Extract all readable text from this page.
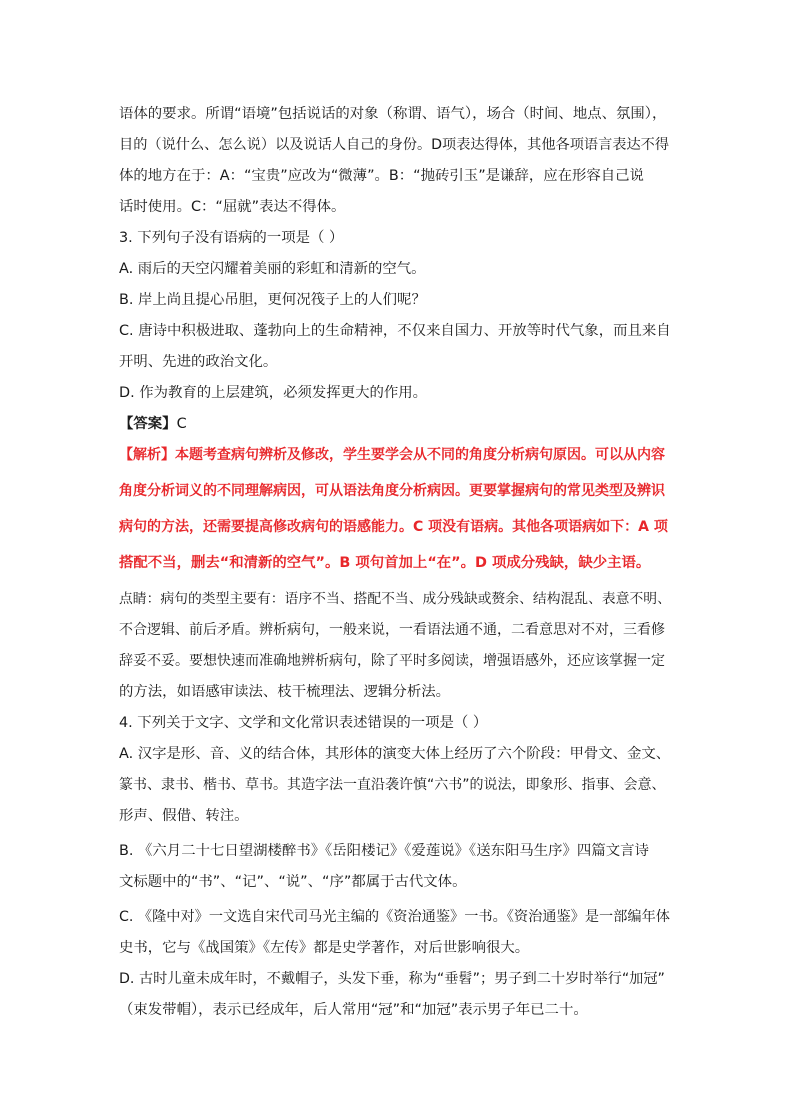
语体的要求。所谓“语境”包括说话的对象（称谓、语气），场合（时间、地点、氛围），

目的（说什么、怎么说）以及说话人自己的身份。D项表达得体，其他各项语言表达不得

体的地方在于：A：“宝贵”应改为“微薄”。B：“抛砖引玉”是谦辞，应在形容自己说

话时使用。C：“屈就”表达不得体。

3. 下列句子没有语病的一项是（ ）

A. 雨后的天空闪耀着美丽的彩虹和清新的空气。

B. 岸上尚且提心吊胆，更何况筏子上的人们呢？

C. 唐诗中积极进取、蓬勃向上的生命精神，不仅来自国力、开放等时代气象，而且来自

开明、先进的政治文化。

D. 作为教育的上层建筑，必须发挥更大的作用。

【答案】C

【解析】本题考查病句辨析及修改，学生要学会从不同的角度分析病句原因。可以从内容

角度分析词义的不同理解病因，可从语法角度分析病因。更要掌握病句的常见类型及辨识

病句的方法，还需要提高修改病句的语感能力。C 项没有语病。其他各项语病如下：A 项

搭配不当，删去“和清新的空气”。B 项句首加上“在”。D 项成分残缺，缺少主语。

点睛：病句的类型主要有：语序不当、搭配不当、成分残缺或赘余、结构混乱、表意不明、

不合逻辑、前后矛盾。辨析病句，一般来说，一看语法通不通，二看意思对不对，三看修

辞妥不妥。要想快速而准确地辨析病句，除了平时多阅读，增强语感外，还应该掌握一定

的方法，如语感审读法、枝干梳理法、逻辑分析法。

4. 下列关于文字、文学和文化常识表述错误的一项是（ ）

A. 汉字是形、音、义的结合体，其形体的演变大体上经历了六个阶段：甲骨文、金文、

篆书、隶书、楷书、草书。其造字法一直沿袭许慎“六书”的说法，即象形、指事、会意、

形声、假借、转注。

B. 《六月二十七日望湖楼醉书》《岳阳楼记》《爱莲说》《送东阳马生序》四篇文言诗

文标题中的“书”、“记”、“说”、“序”都属于古代文体。

C. 《隆中对》一文选自宋代司马光主编的《资治通鉴》一书。《资治通鉴》是一部编年体

史书，它与《战国策》《左传》都是史学著作，对后世影响很大。

D. 古时儿童未成年时，不戴帽子，头发下垂，称为“垂髫”；男子到二十岁时举行“加冠”

（束发带帽），表示已经成年，后人常用“冠”和“加冠”表示男子年已二十。
